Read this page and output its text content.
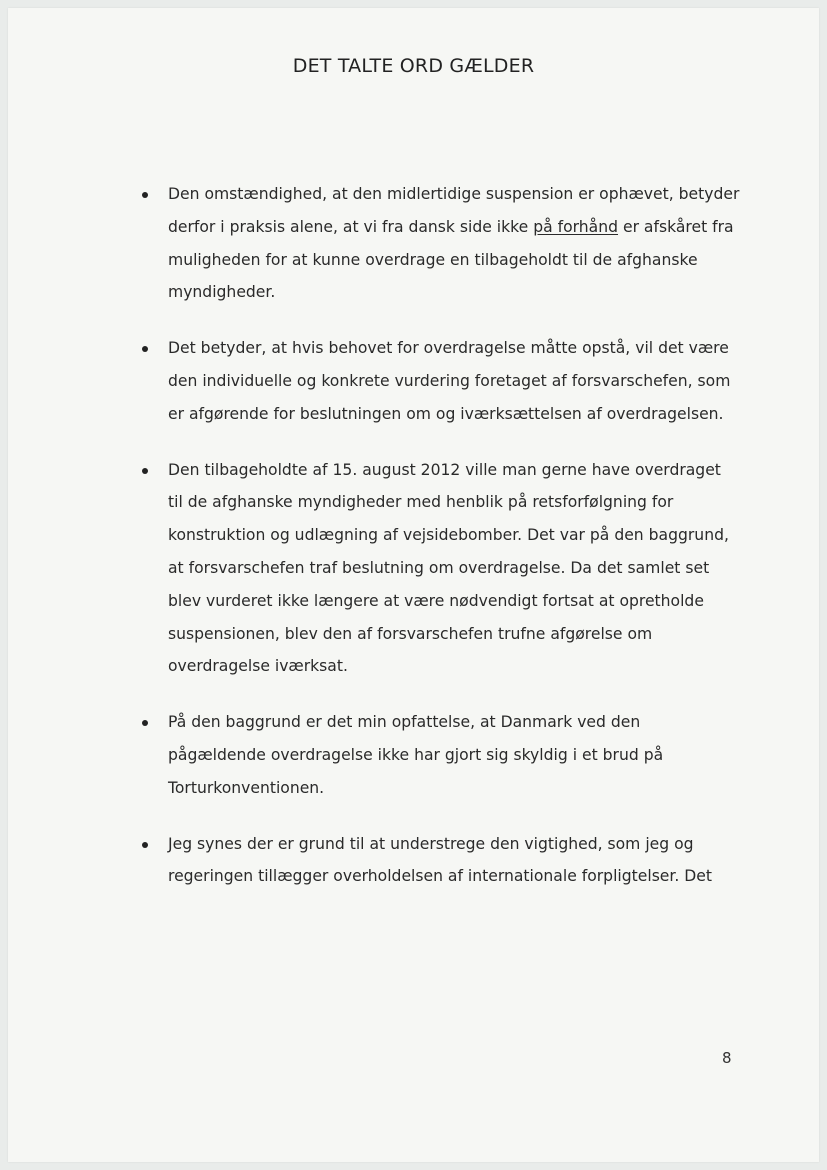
DET TALTE ORD GÆLDER
Den omstændighed, at den midlertidige suspension er ophævet, betyder derfor i praksis alene, at vi fra dansk side ikke på forhånd er afskåret fra muligheden for at kunne overdrage en tilbageholdt til de afghanske myndigheder.
Det betyder, at hvis behovet for overdragelse måtte opstå, vil det være den individuelle og konkrete vurdering foretaget af forsvarschefen, som er afgørende for beslutningen om og iværksættelsen af overdragelsen.
Den tilbageholdte af 15. august 2012 ville man gerne have overdraget til de afghanske myndigheder med henblik på retsforfølgning for konstruktion og udlægning af vejsidebomber. Det var på den baggrund, at forsvarschefen traf beslutning om overdragelse. Da det samlet set blev vurderet ikke længere at være nødvendigt fortsat at opretholde suspensionen, blev den af forsvarschefen trufne afgørelse om overdragelse iværksat.
På den baggrund er det min opfattelse, at Danmark ved den pågældende overdragelse ikke har gjort sig skyldig i et brud på Torturkonventionen.
Jeg synes der er grund til at understrege den vigtighed, som jeg og regeringen tillægger overholdelsen af internationale forpligtelser. Det
8
